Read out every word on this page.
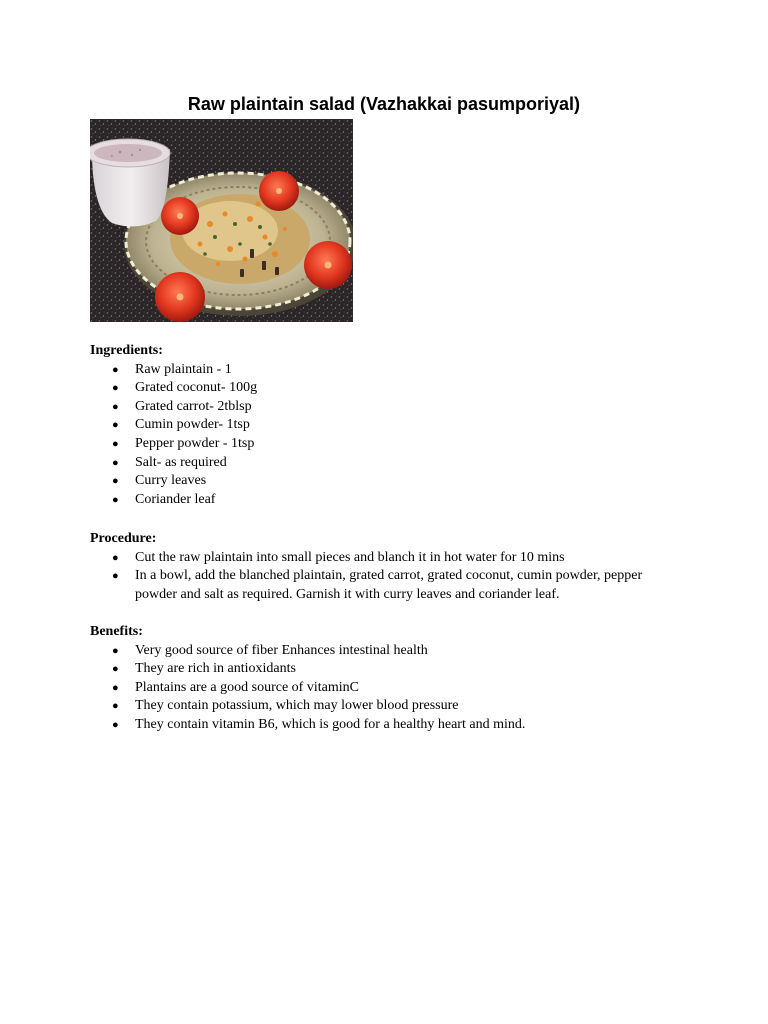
Raw plaintain salad (Vazhakkai pasumporiyal)

Ingredients:

● Raw plaintain - 1
● Grated coconut- 100g
● Grated carrot- 2tblsp
● Cumin powder- 1tsp
● Pepper powder - 1tsp
● Salt- as required
● Curry leaves
● Coriander leaf

Procedure:

● Cut the raw plaintain into small pieces and blanch it in hot water for 10 mins
● In a bowl, add the blanched plaintain, grated carrot, grated coconut, cumin powder, pepper powder and salt as required. Garnish it with curry leaves and coriander leaf.

Benefits:

● Very good source of fiber Enhances intestinal health
● They are rich in antioxidants
● Plantains are a good source of vitaminC
● They contain potassium, which may lower blood pressure
● They contain vitamin B6, which is good for a healthy heart and mind.
